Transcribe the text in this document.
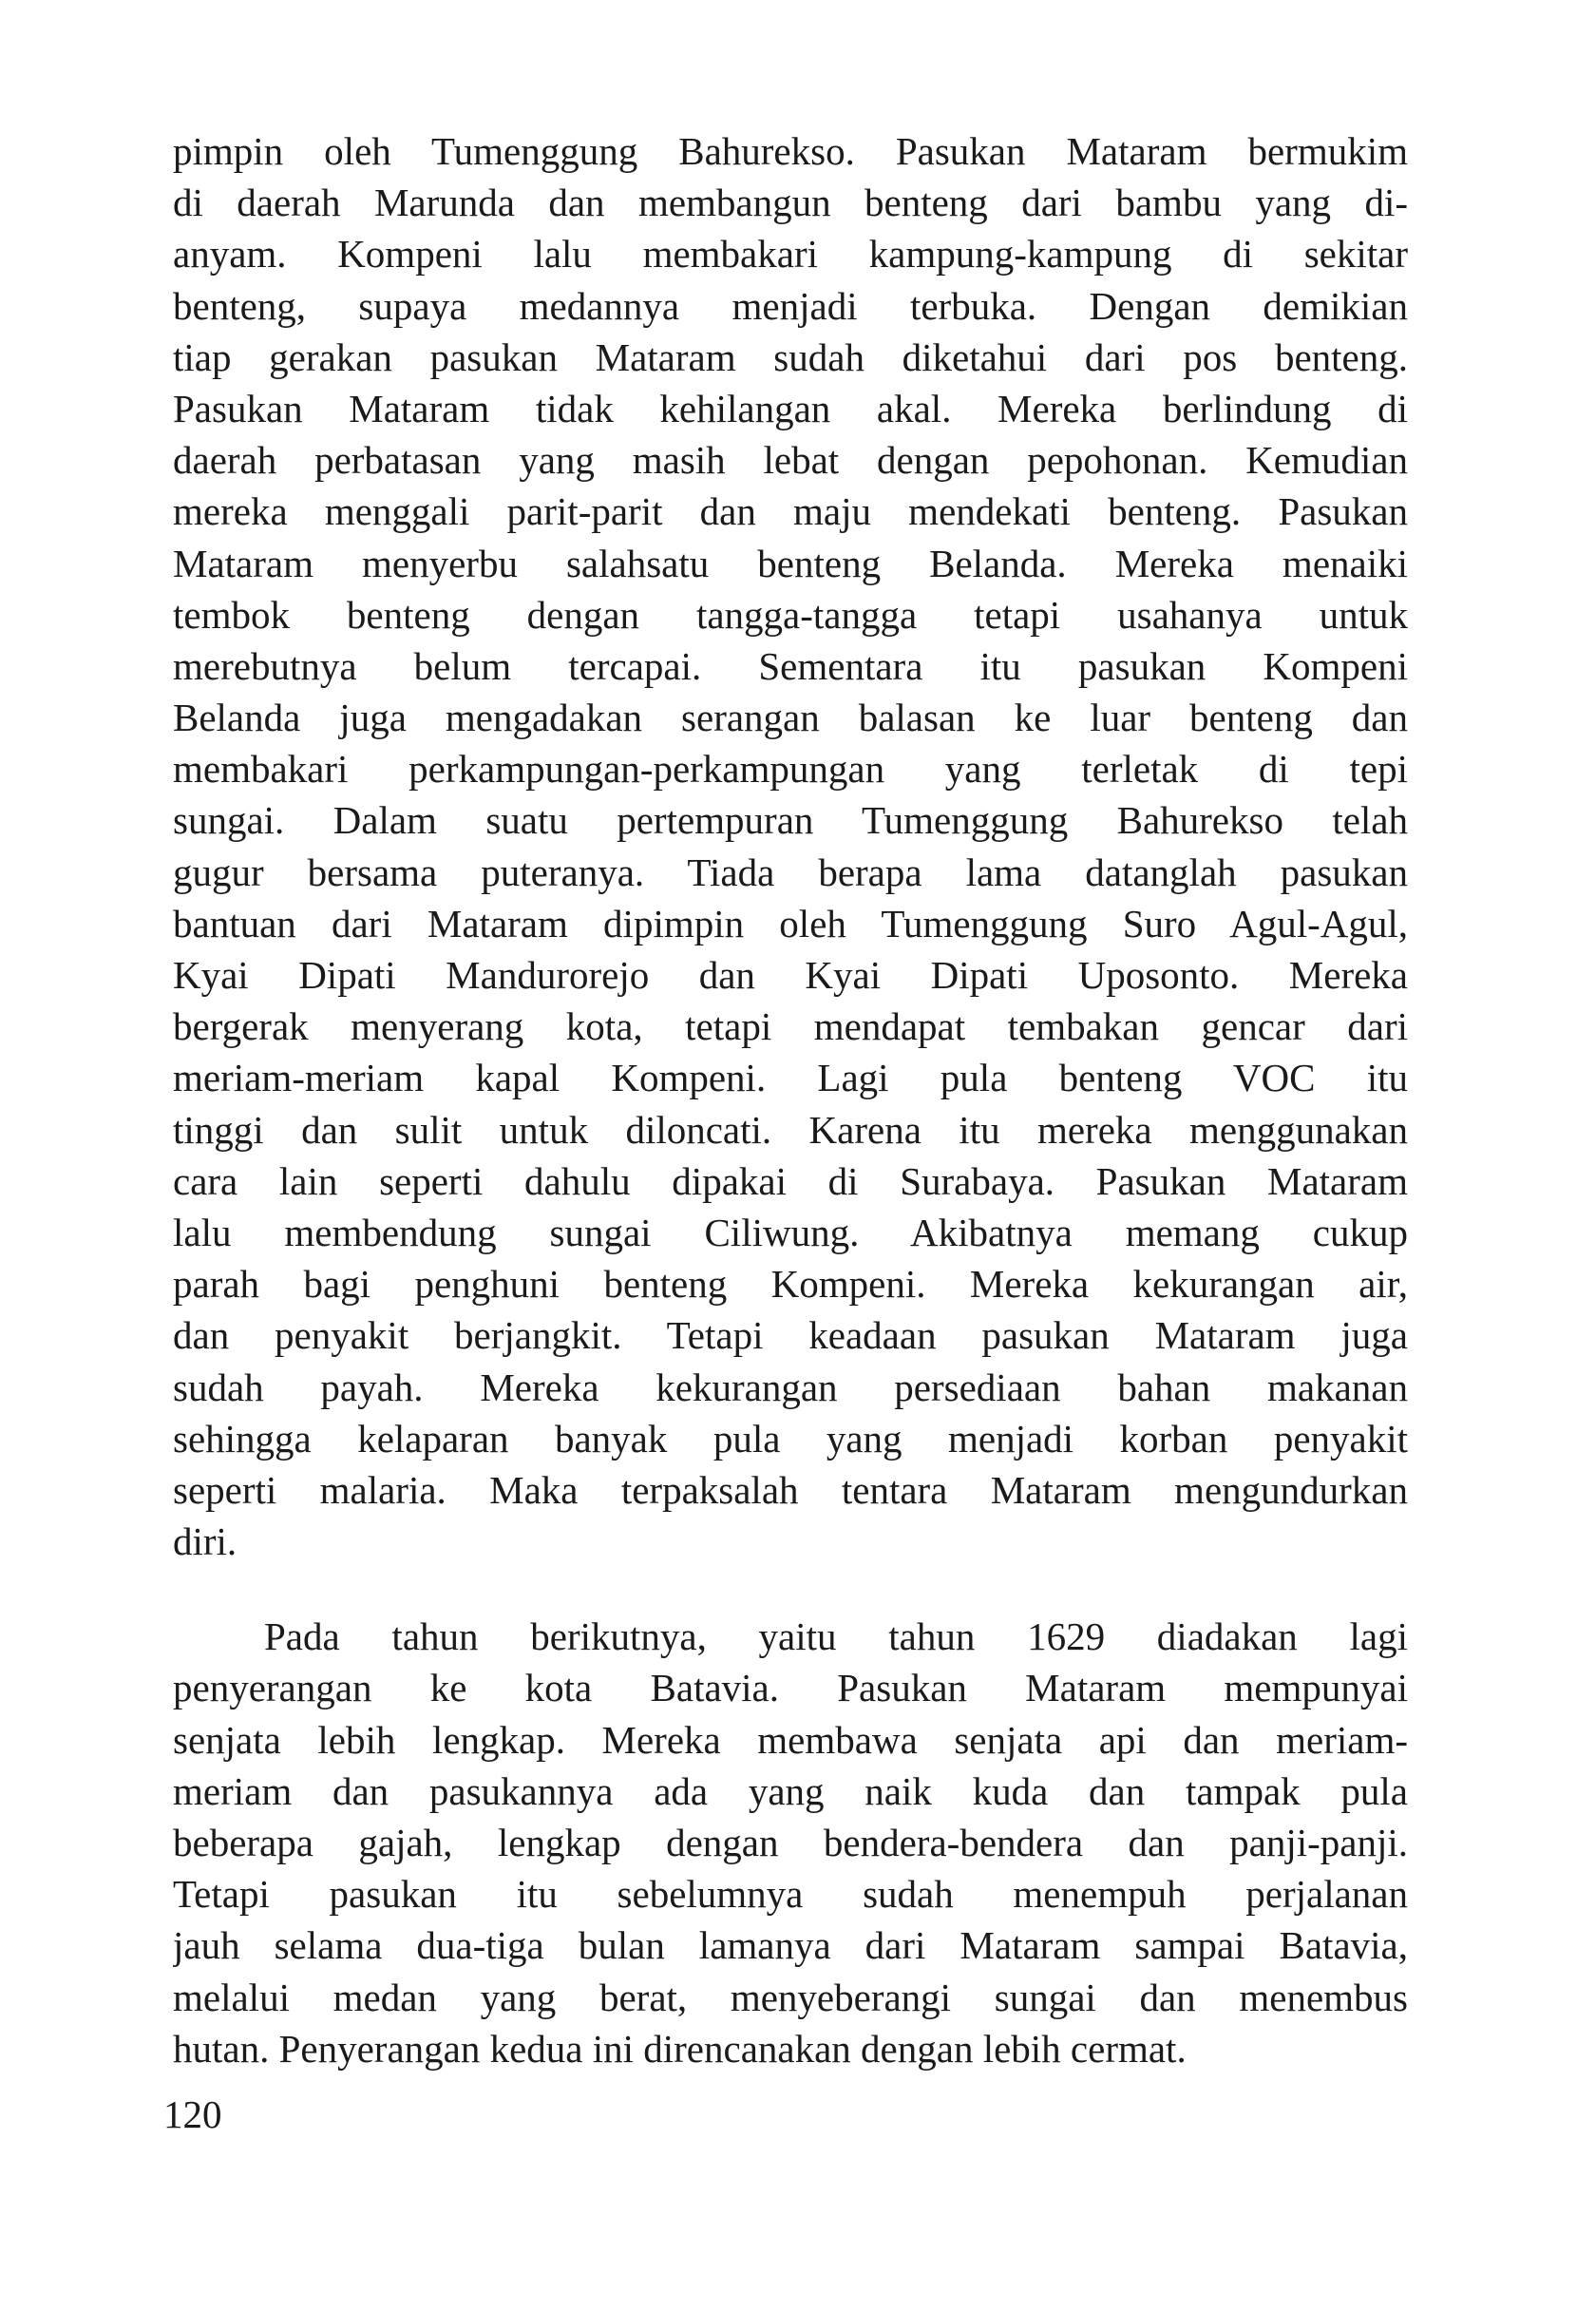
pimpin oleh Tumenggung Bahurekso. Pasukan Mataram bermukim
di daerah Marunda dan membangun benteng dari bambu yang di-
anyam. Kompeni lalu membakari kampung-kampung di sekitar
benteng, supaya medannya menjadi terbuka. Dengan demikian
tiap gerakan pasukan Mataram sudah diketahui dari pos benteng.
Pasukan Mataram tidak kehilangan akal. Mereka berlindung di
daerah perbatasan yang masih lebat dengan pepohonan. Kemudian
mereka menggali parit-parit dan maju mendekati benteng. Pasukan
Mataram menyerbu salahsatu benteng Belanda. Mereka menaiki
tembok benteng dengan tangga-tangga tetapi usahanya untuk
merebutnya belum tercapai. Sementara itu pasukan Kompeni
Belanda juga mengadakan serangan balasan ke luar benteng dan
membakari perkampungan-perkampungan yang terletak di tepi
sungai. Dalam suatu pertempuran Tumenggung Bahurekso telah
gugur bersama puteranya. Tiada berapa lama datanglah pasukan
bantuan dari Mataram dipimpin oleh Tumenggung Suro Agul-Agul,
Kyai Dipati Mandurorejo dan Kyai Dipati Uposonto. Mereka
bergerak menyerang kota, tetapi mendapat tembakan gencar dari
meriam-meriam kapal Kompeni. Lagi pula benteng VOC itu
tinggi dan sulit untuk diloncati. Karena itu mereka menggunakan
cara lain seperti dahulu dipakai di Surabaya. Pasukan Mataram
lalu membendung sungai Ciliwung. Akibatnya memang cukup
parah bagi penghuni benteng Kompeni. Mereka kekurangan air,
dan penyakit berjangkit. Tetapi keadaan pasukan Mataram juga
sudah payah. Mereka kekurangan persediaan bahan makanan
sehingga kelaparan banyak pula yang menjadi korban penyakit
seperti malaria. Maka terpaksalah tentara Mataram mengundurkan
diri.
Pada tahun berikutnya, yaitu tahun 1629 diadakan lagi
penyerangan ke kota Batavia. Pasukan Mataram mempunyai
senjata lebih lengkap. Mereka membawa senjata api dan meriam-
meriam dan pasukannya ada yang naik kuda dan tampak pula
beberapa gajah, lengkap dengan bendera-bendera dan panji-panji.
Tetapi pasukan itu sebelumnya sudah menempuh perjalanan
jauh selama dua-tiga bulan lamanya dari Mataram sampai Batavia,
melalui medan yang berat, menyeberangi sungai dan menembus
hutan. Penyerangan kedua ini direncanakan dengan lebih cermat.
120
